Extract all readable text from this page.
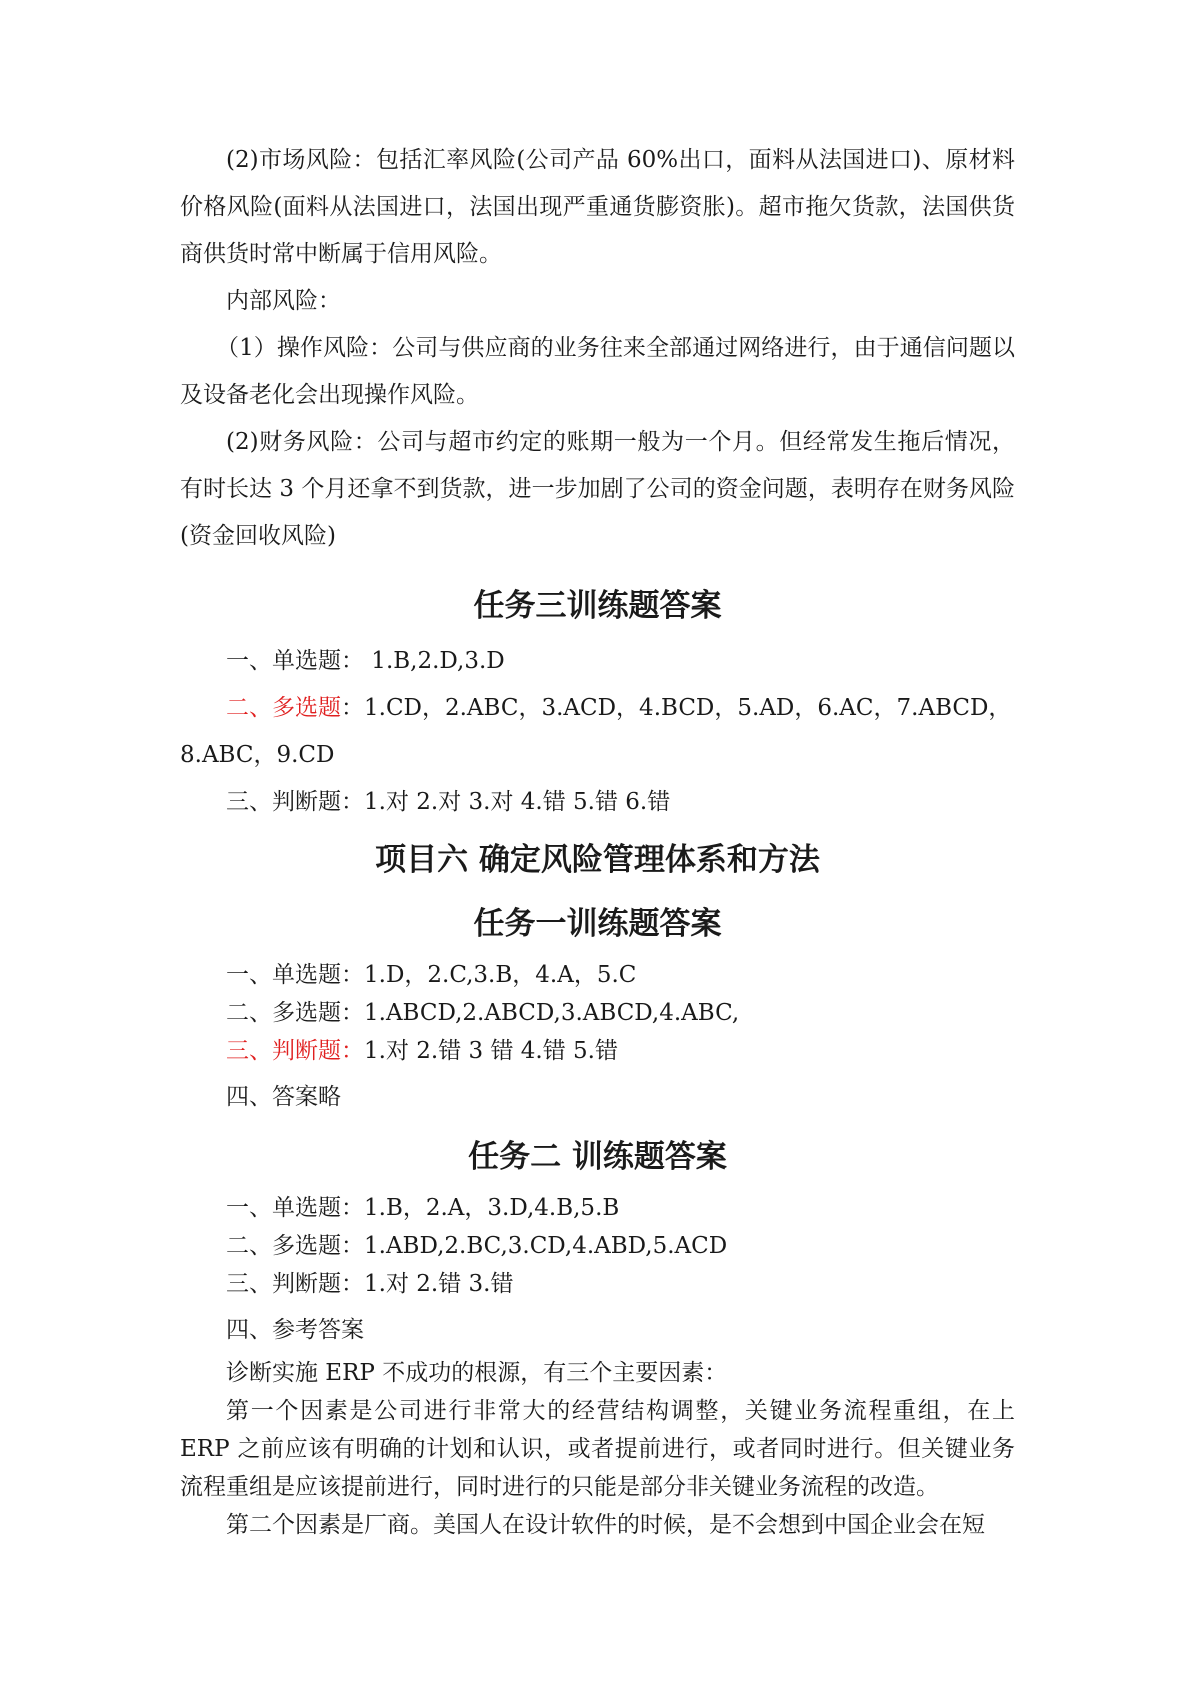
(2)市场风险：包括汇率风险(公司产品 60%出口，面料从法国进口)、原材料价格风险(面料从法国进口，法国出现严重通货膨资胀)。超市拖欠货款，法国供货商供货时常中断属于信用风险。

内部风险：

（1）操作风险：公司与供应商的业务往来全部通过网络进行，由于通信问题以及设备老化会出现操作风险。

(2)财务风险：公司与超市约定的账期一般为一个月。但经常发生拖后情况，有时长达 3 个月还拿不到货款，进一步加剧了公司的资金问题，表明存在财务风险(资金回收风险)

任务三训练题答案

一、单选题： 1.B,2.D,3.D

二、多选题：1.CD，2.ABC，3.ACD，4.BCD，5.AD，6.AC，7.ABCD，8.ABC，9.CD

三、判断题：1.对 2.对 3.对 4.错 5.错 6.错

项目六 确定风险管理体系和方法
任务一训练题答案

一、单选题：1.D，2.C,3.B，4.A，5.C

二、多选题：1.ABCD,2.ABCD,3.ABCD,4.ABC,

三、判断题：1.对 2.错 3 错 4.错 5.错

四、答案略

任务二 训练题答案

一、单选题：1.B，2.A，3.D,4.B,5.B

二、多选题：1.ABD,2.BC,3.CD,4.ABD,5.ACD

三、判断题：1.对 2.错 3.错

四、参考答案

诊断实施 ERP 不成功的根源，有三个主要因素：

第一个因素是公司进行非常大的经营结构调整，关键业务流程重组，在上 ERP 之前应该有明确的计划和认识，或者提前进行，或者同时进行。但关键业务流程重组是应该提前进行，同时进行的只能是部分非关键业务流程的改造。

第二个因素是厂商。美国人在设计软件的时候，是不会想到中国企业会在短
